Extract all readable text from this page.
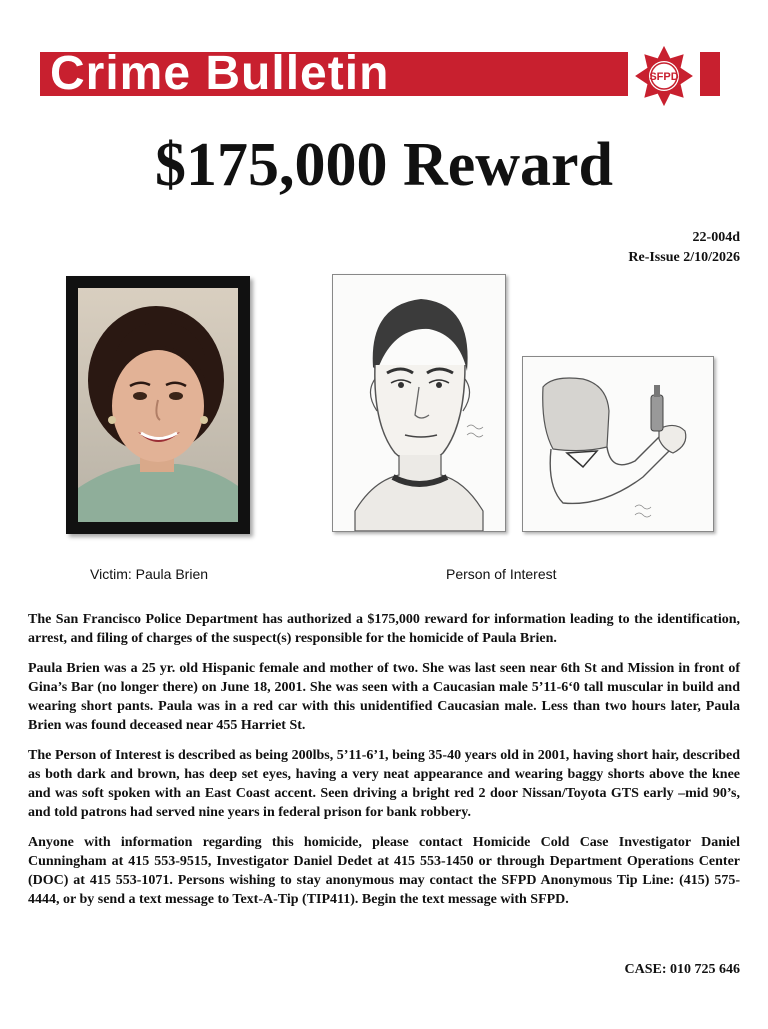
Crime Bulletin	SFPD
$175,000 Reward
22-004d
Re-Issue 2/10/2026
Victim: Paula Brien	Person of Interest

The San Francisco Police Department has authorized a $175,000 reward for information leading to the identification, arrest, and filing of charges of the suspect(s) responsible for the homicide of Paula Brien.

Paula Brien was a 25 yr. old Hispanic female and mother of two. She was last seen near 6th St and Mission in front of Gina’s Bar (no longer there) on June 18, 2001. She was seen with a Caucasian male 5’11-6‘0 tall muscular in build and wearing short pants. Paula was in a red car with this unidentified Caucasian male. Less than two hours later, Paula Brien was found deceased near 455 Harriet St.

The Person of Interest is described as being 200lbs, 5’11-6’1, being 35-40 years old in 2001, having short hair, described as both dark and brown, has deep set eyes, having a very neat appearance and wearing baggy shorts above the knee and was soft spoken with an East Coast accent. Seen driving a bright red 2 door Nissan/Toyota GTS early –mid 90’s, and told patrons had served nine years in federal prison for bank robbery.

Anyone with information regarding this homicide, please contact Homicide Cold Case Investigator Daniel Cunningham at 415 553-9515, Investigator Daniel Dedet at 415 553-1450 or through Department Operations Center (DOC) at 415 553-1071. Persons wishing to stay anonymous may contact the SFPD Anonymous Tip Line: (415) 575-4444, or by send a text message to Text-A-Tip (TIP411). Begin the text message with SFPD.

CASE: 010 725 646
